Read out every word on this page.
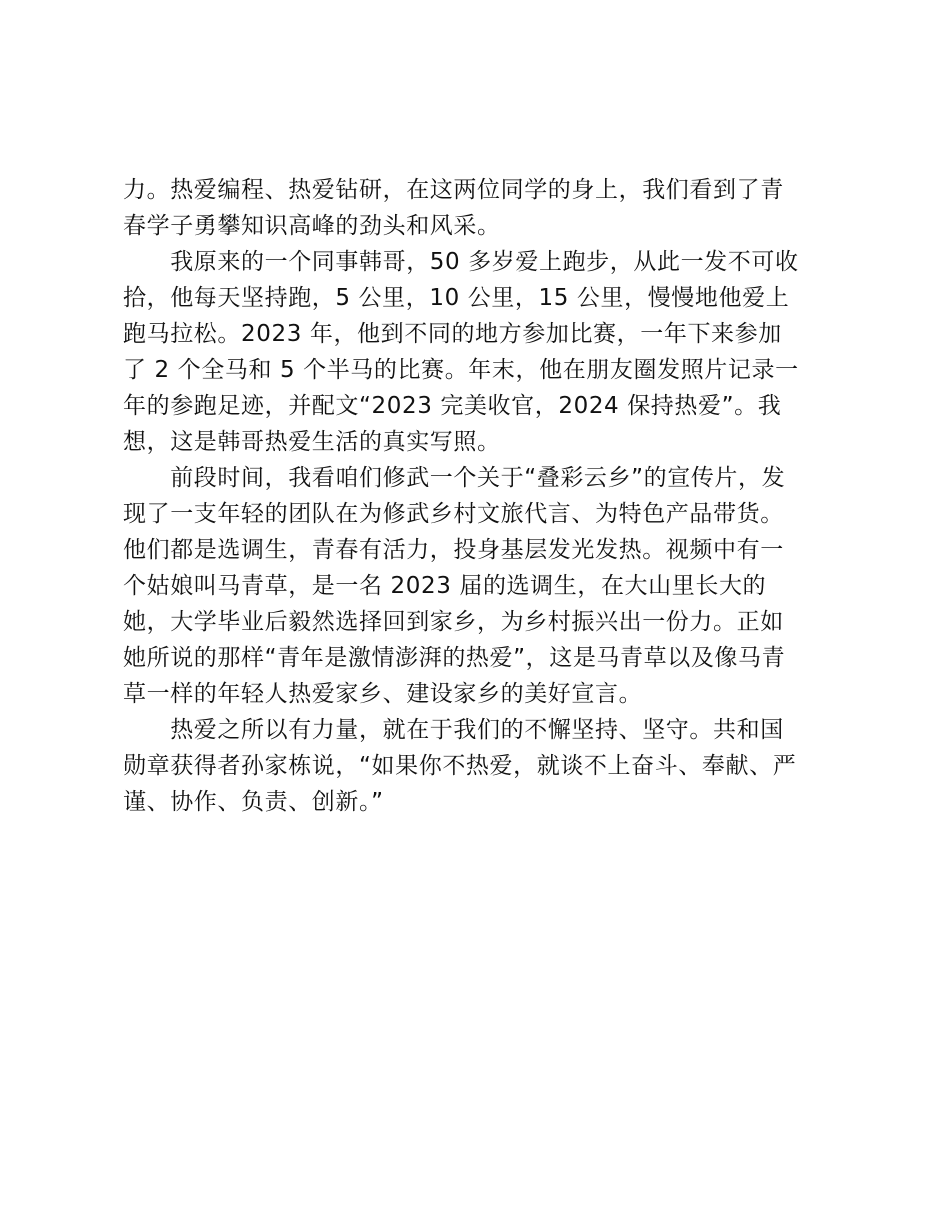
力。热爱编程、热爱钻研，在这两位同学的身上，我们看到了青

春学子勇攀知识高峰的劲头和风采。

　　我原来的一个同事韩哥，50 多岁爱上跑步，从此一发不可收

拾，他每天坚持跑，5 公里，10 公里，15 公里，慢慢地他爱上

跑马拉松。2023 年，他到不同的地方参加比赛，一年下来参加

了 2 个全马和 5 个半马的比赛。年末，他在朋友圈发照片记录一

年的参跑足迹，并配文“2023 完美收官，2024 保持热爱”。我

想，这是韩哥热爱生活的真实写照。

　　前段时间，我看咱们修武一个关于“叠彩云乡”的宣传片，发

现了一支年轻的团队在为修武乡村文旅代言、为特色产品带货。

他们都是选调生，青春有活力，投身基层发光发热。视频中有一

个姑娘叫马青草，是一名 2023 届的选调生，在大山里长大的

她，大学毕业后毅然选择回到家乡，为乡村振兴出一份力。正如

她所说的那样“青年是激情澎湃的热爱”，这是马青草以及像马青

草一样的年轻人热爱家乡、建设家乡的美好宣言。

　　热爱之所以有力量，就在于我们的不懈坚持、坚守。共和国

勋章获得者孙家栋说，“如果你不热爱，就谈不上奋斗、奉献、严

谨、协作、负责、创新。”
